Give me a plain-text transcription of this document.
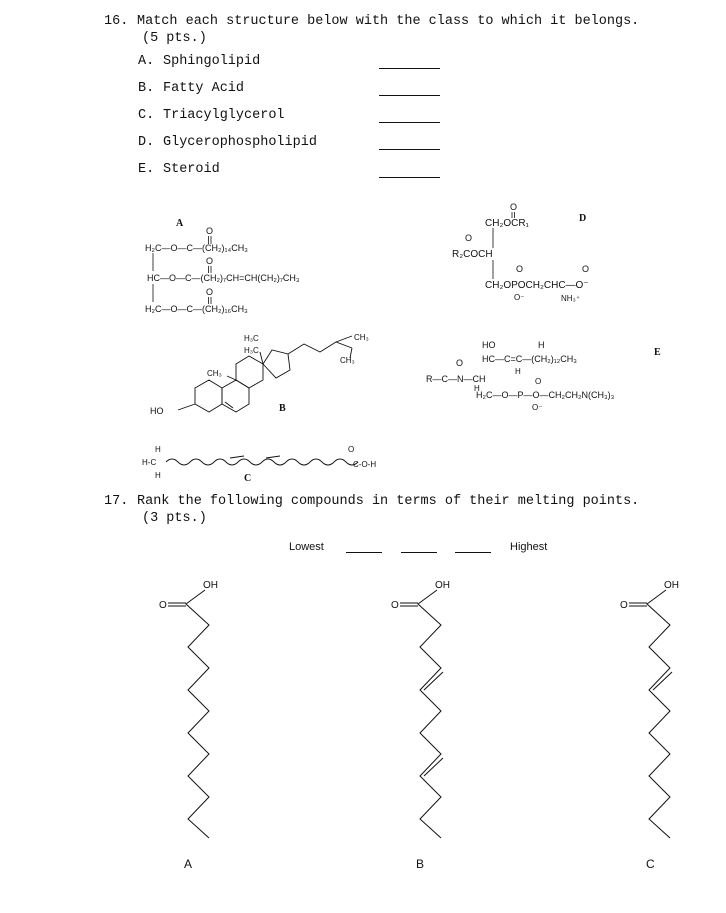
16. Match each structure below with the class to which it belongs.
(5 pts.)
A. Sphingolipid
B. Fatty Acid
C. Triacylglycerol
D. Glycerophospholipid
E. Steroid
A
O
H₂C—O—C—(CH₂)₁₄CH₃
O
HC—O—C—(CH₂)₇CH=CH(CH₂)₇CH₃
O
H₂C—O—C—(CH₂)₁₆CH₃
HO
CH₃
H₃C
H₃C
CH₃
CH₃
B
H
H-C
H
O
C-O-H
C
D
O
CH₂OCR₁
O
R₂COCH
O	O
CH₂OPOCH₂CHC—O⁻
O⁻	NH₃⁺
E
HO	H
HC—C=C—(CH₂)₁₂CH₃
H
O
R—C—N—CH
H
O
H₂C—O—P—O—CH₂CH₂N(CH₃)₃
O⁻
17. Rank the following compounds in terms of their melting points.
(3 pts.)
Lowest	Highest
OH
O
A
OH
O
B
OH
O
C
